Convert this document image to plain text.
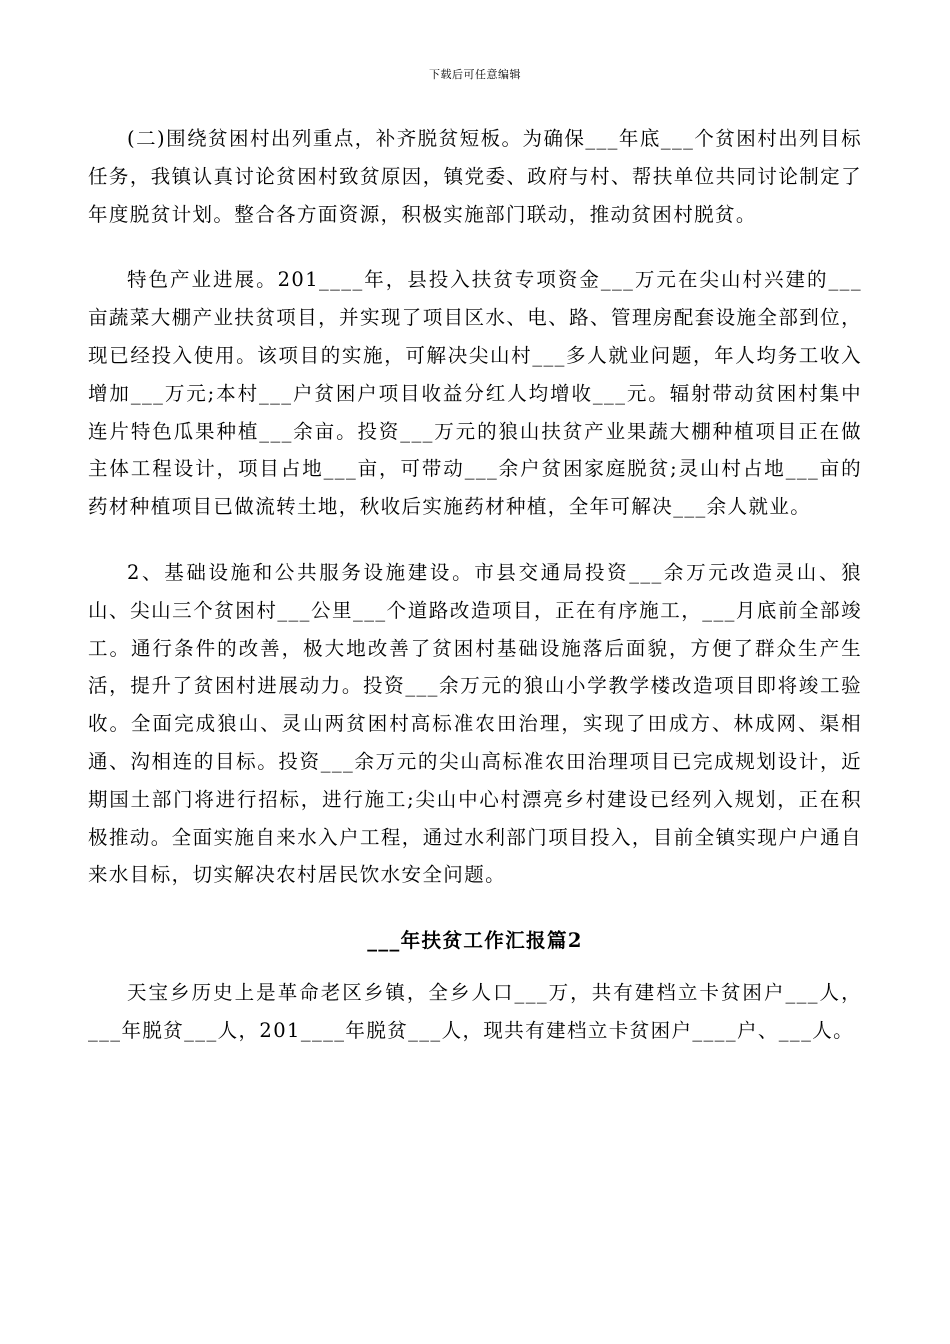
下载后可任意编辑

(二)围绕贫困村出列重点，补齐脱贫短板。为确保___年底___个贫困村出列目标任务，我镇认真讨论贫困村致贫原因，镇党委、政府与村、帮扶单位共同讨论制定了年度脱贫计划。整合各方面资源，积极实施部门联动，推动贫困村脱贫。

特色产业进展。201____年，县投入扶贫专项资金___万元在尖山村兴建的___亩蔬菜大棚产业扶贫项目，并实现了项目区水、电、路、管理房配套设施全部到位，现已经投入使用。该项目的实施，可解决尖山村___多人就业问题，年人均务工收入增加___万元;本村___户贫困户项目收益分红人均增收___元。辐射带动贫困村集中连片特色瓜果种植___余亩。投资___万元的狼山扶贫产业果蔬大棚种植项目正在做主体工程设计，项目占地___亩，可带动___余户贫困家庭脱贫;灵山村占地___亩的药材种植项目已做流转土地，秋收后实施药材种植，全年可解决___余人就业。

2、基础设施和公共服务设施建设。市县交通局投资___余万元改造灵山、狼山、尖山三个贫困村___公里___个道路改造项目，正在有序施工，___月底前全部竣工。通行条件的改善，极大地改善了贫困村基础设施落后面貌，方便了群众生产生活，提升了贫困村进展动力。投资___余万元的狼山小学教学楼改造项目即将竣工验收。全面完成狼山、灵山两贫困村高标准农田治理，实现了田成方、林成网、渠相通、沟相连的目标。投资___余万元的尖山高标准农田治理项目已完成规划设计，近期国土部门将进行招标，进行施工;尖山中心村漂亮乡村建设已经列入规划，正在积极推动。全面实施自来水入户工程，通过水利部门项目投入，目前全镇实现户户通自来水目标，切实解决农村居民饮水安全问题。

___年扶贫工作汇报篇2

天宝乡历史上是革命老区乡镇，全乡人口___万，共有建档立卡贫困户___人，___年脱贫___人，201____年脱贫___人，现共有建档立卡贫困户____户、___人。
